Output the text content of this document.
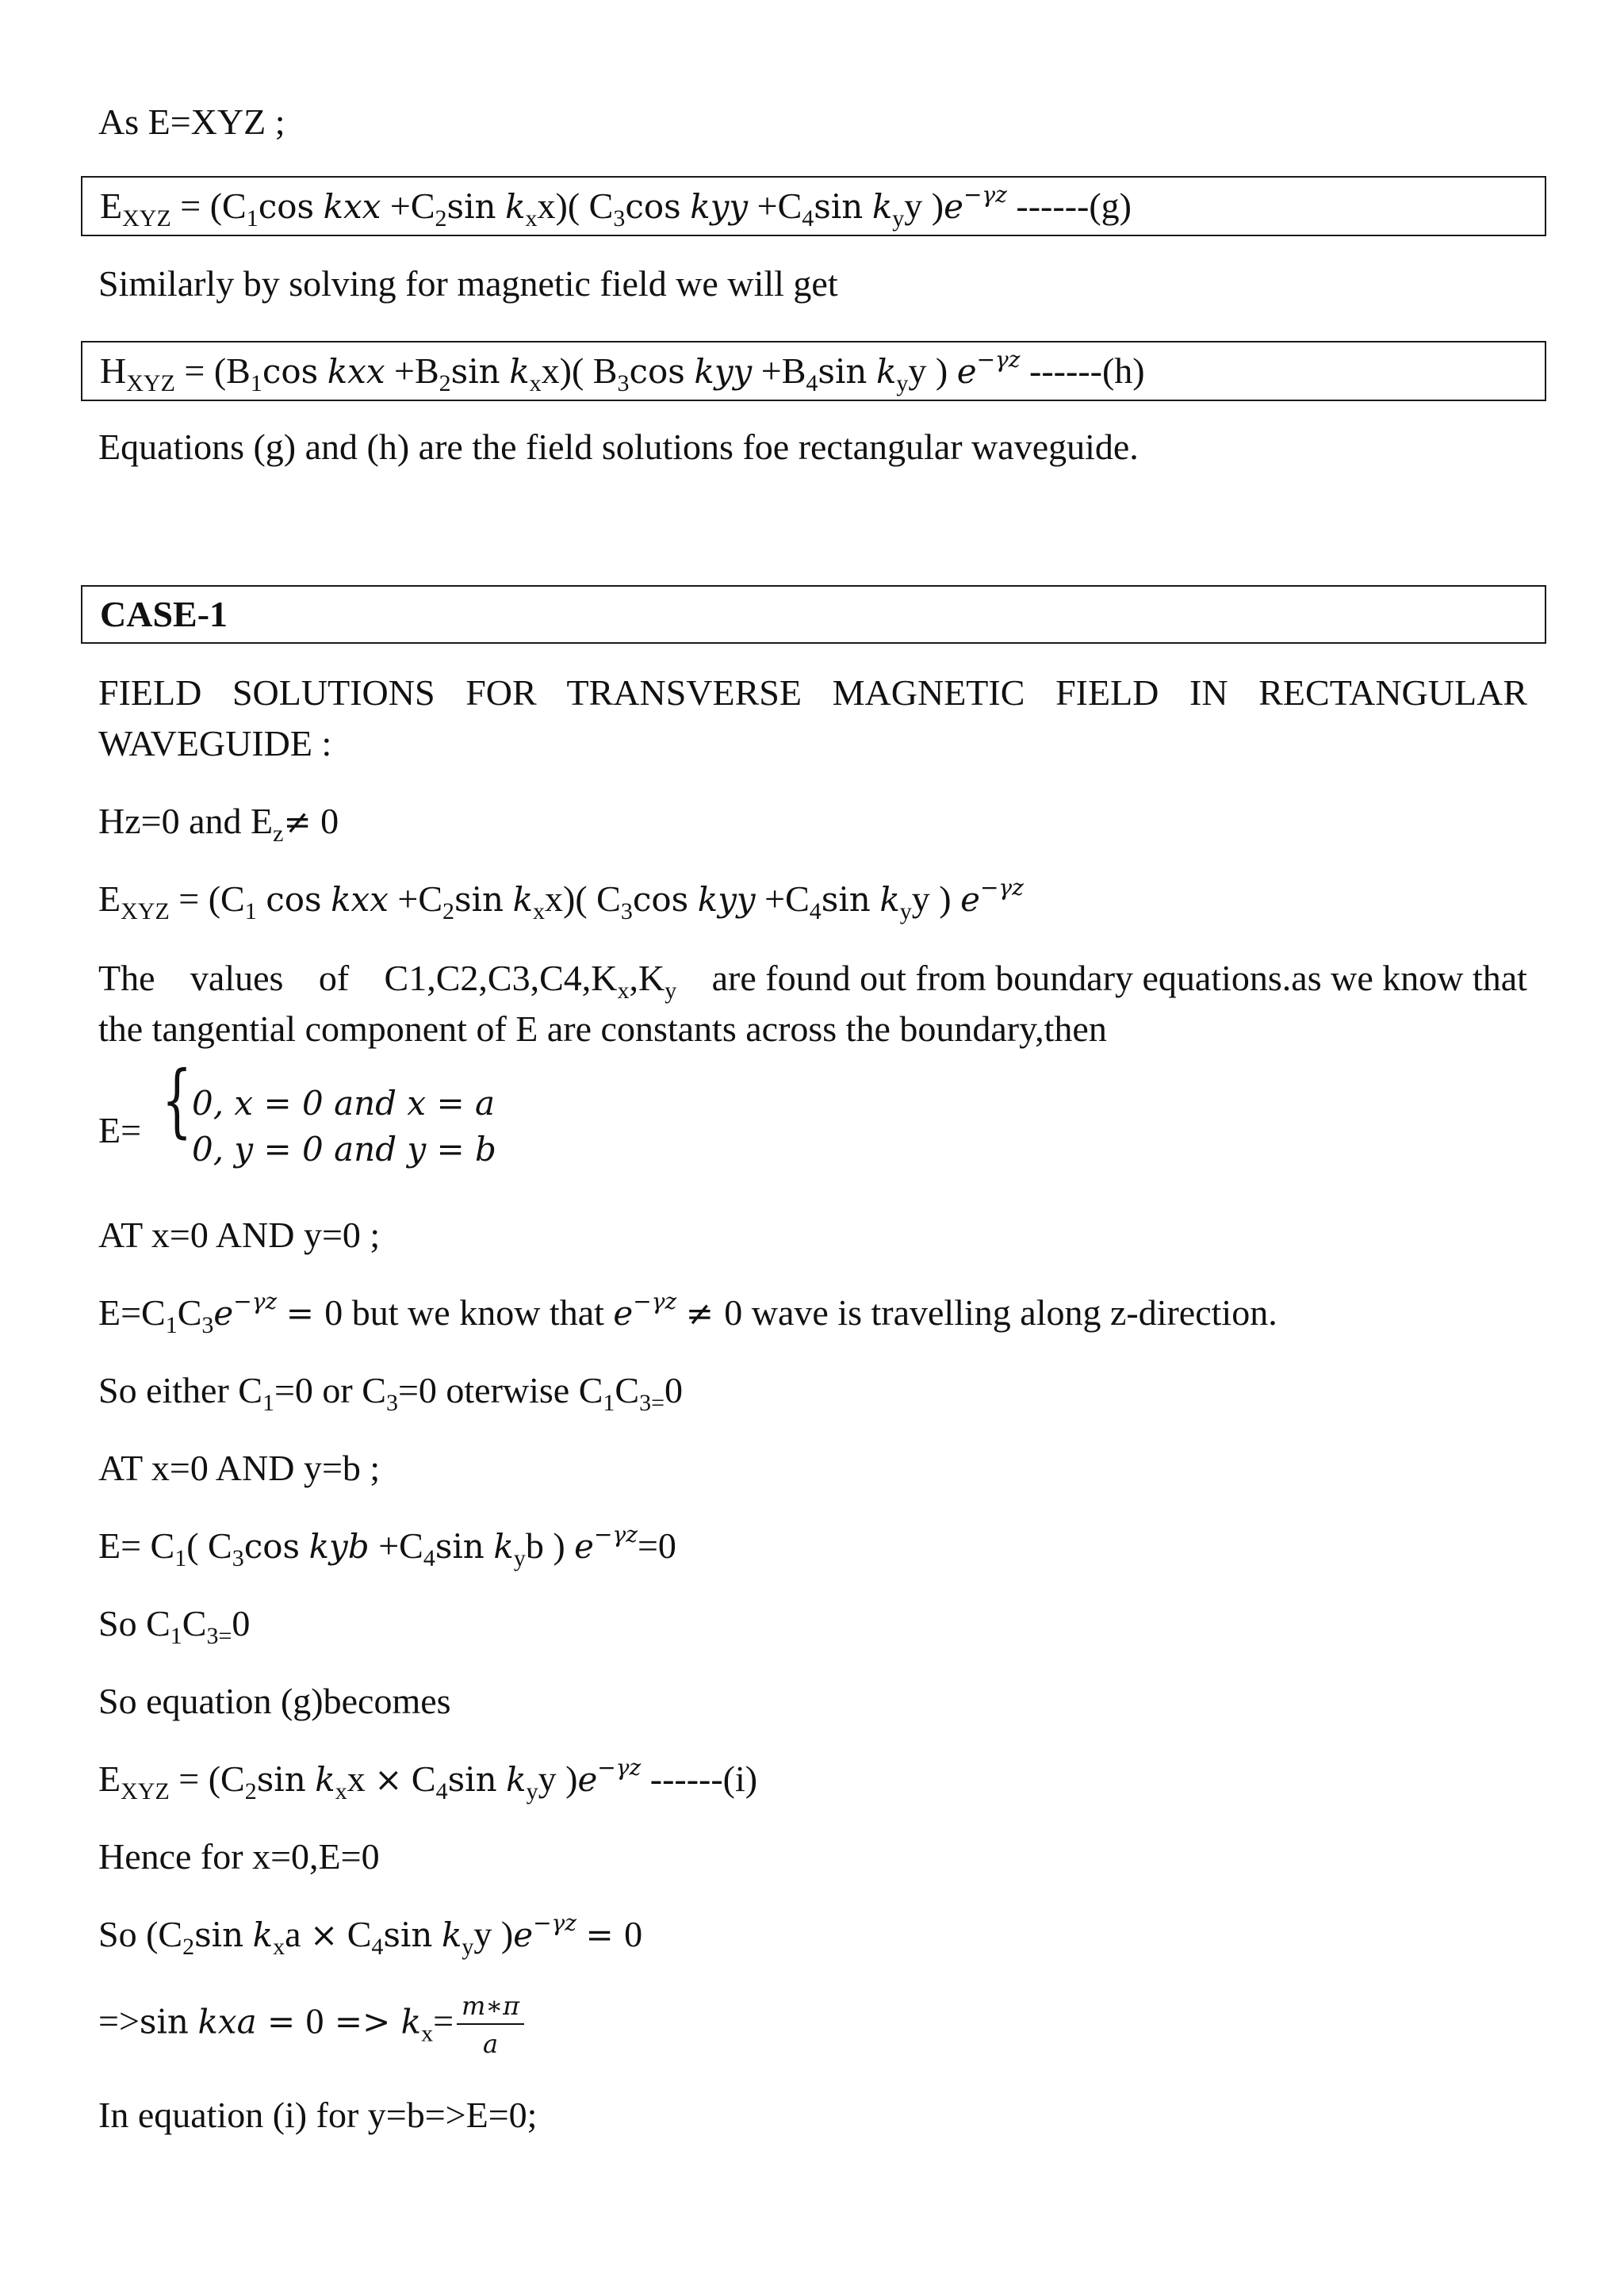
As E=XYZ ;
$E_{XYZ} = (C_1\cos$ kxx $+C_2\sin$ $k_xx$)( $C_3\cos$ kyy $+C_4\sin$ $k_yy$ )$e^{-\gamma z}$ ------(g)
Similarly by solving for magnetic field we will get
$H_{XYZ} = (B_1\cos$ kxx $+B_2\sin$ $k_xx$)( $B_3\cos$ kyy $+B_4\sin$ $k_yy$ ) $e^{-\gamma z}$ ------(h)
Equations (g) and (h) are the field solutions foe rectangular waveguide.
CASE-1
FIELD SOLUTIONS FOR TRANSVERSE MAGNETIC FIELD IN RECTANGULAR
WAVEGUIDE :
Hz=0 and $E_z\ne 0$
$E_{XYZ} = (C_1$ cos kxx $+C_2\sin$ $k_xx$)( $C_3\cos$ kyy $+C_4\sin$ $k_yy$ ) $e^{-\gamma z}$
The values of $C1,C2,C3,C4,K_x,K_y$ are found out from boundary equations.as we know that
the tangential component of E are constants across the boundary,then
E= { 0, x = 0 and x = a
0, y = 0 and y = b
AT x=0 AND y=0 ;
$E=C_1C_3e^{-\gamma z} = 0$ but we know that $e^{-\gamma z} \ne 0$ wave is travelling along z-direction.
So either $C_1=0$ or $C_3=0$ oterwise $C_1C_{3=}0$
AT x=0 AND y=b ;
$E= C_1$( $C_3\cos$ kyb $+C_4\sin$ $k_yb$ ) $e^{-\gamma z}=0$
So $C_1C_{3=}0$
So equation (g)becomes
$E_{XYZ} = (C_2\sin$ $k_xx \times C_4\sin$ $k_yy$ )$e^{-\gamma z}$ ------(i)
Hence for x=0,E=0
So ($C_2\sin$ $k_xa \times C_4\sin$ $k_yy$ )$e^{-\gamma z} = 0$
=>sin kxa = $0 => k_x= \frac{m∗\pi}{a}$
In equation (i) for y=b=>E=0;
